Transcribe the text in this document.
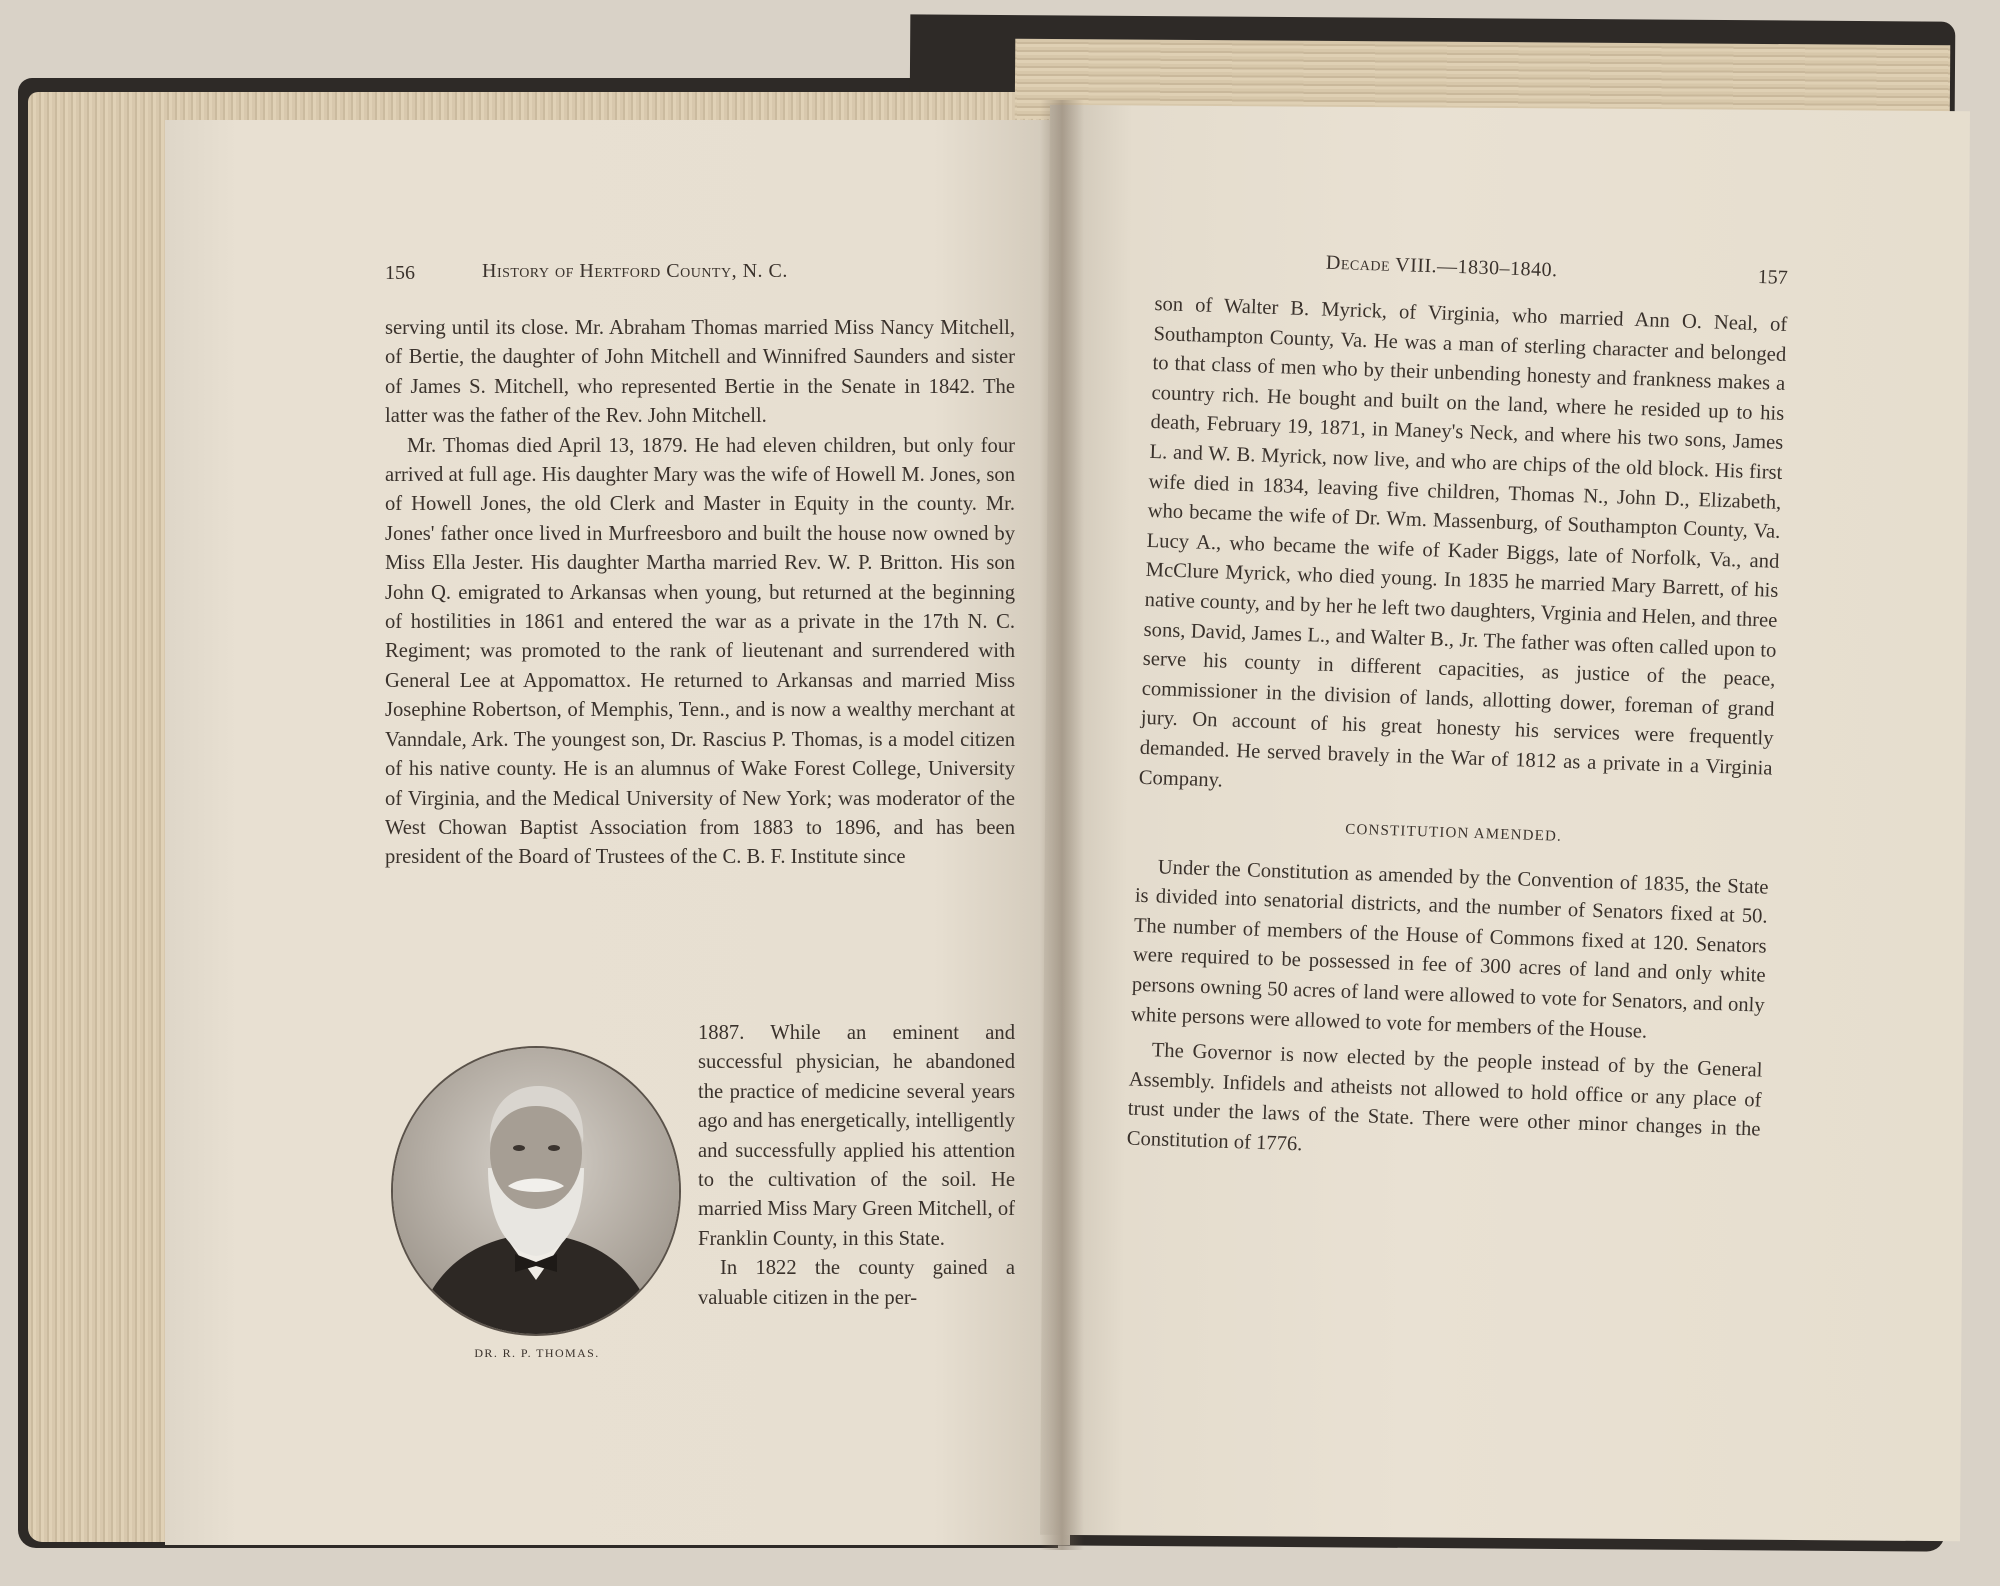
156	History of Hertford County, N. C.

serving until its close. Mr. Abraham Thomas married Miss Nancy Mitchell, of Bertie, the daughter of John Mitchell and Winnifred Saunders and sister of James S. Mitchell, who represented Bertie in the Senate in 1842. The latter was the father of the Rev. John Mitchell.

Mr. Thomas died April 13, 1879. He had eleven children, but only four arrived at full age. His daughter Mary was the wife of Howell M. Jones, son of Howell Jones, the old Clerk and Master in Equity in the county. Mr. Jones' father once lived in Murfreesboro and built the house now owned by Miss Ella Jester. His daughter Martha married Rev. W. P. Britton. His son John Q. emigrated to Arkansas when young, but returned at the beginning of hostilities in 1861 and entered the war as a private in the 17th N. C. Regiment; was promoted to the rank of lieutenant and surrendered with General Lee at Appomattox. He returned to Arkansas and married Miss Josephine Robertson, of Memphis, Tenn., and is now a wealthy merchant at Vanndale, Ark. The youngest son, Dr. Rascius P. Thomas, is a model citizen of his native county. He is an alumnus of Wake Forest College, University of Virginia, and the Medical University of New York; was moderator of the West Chowan Baptist Association from 1883 to 1896, and has been president of the Board of Trustees of the C. B. F. Institute since

DR. R. P. THOMAS.

1887. While an eminent and successful physician, he abandoned the practice of medicine several years ago and has energetically, intelligently and successfully applied his attention to the cultivation of the soil. He married Miss Mary Green Mitchell, of Franklin County, in this State.

In 1822 the county gained a valuable citizen in the per-

Decade VIII.—1830–1840.	157

son of Walter B. Myrick, of Virginia, who married Ann O. Neal, of Southampton County, Va. He was a man of sterling character and belonged to that class of men who by their unbending honesty and frankness makes a country rich. He bought and built on the land, where he resided up to his death, February 19, 1871, in Maney's Neck, and where his two sons, James L. and W. B. Myrick, now live, and who are chips of the old block. His first wife died in 1834, leaving five children, Thomas N., John D., Elizabeth, who became the wife of Dr. Wm. Massenburg, of Southampton County, Va. Lucy A., who became the wife of Kader Biggs, late of Norfolk, Va., and McClure Myrick, who died young. In 1835 he married Mary Barrett, of his native county, and by her he left two daughters, Vrginia and Helen, and three sons, David, James L., and Walter B., Jr. The father was often called upon to serve his county in different capacities, as justice of the peace, commissioner in the division of lands, allotting dower, foreman of grand jury. On account of his great honesty his services were frequently demanded. He served bravely in the War of 1812 as a private in a Virginia Company.

CONSTITUTION AMENDED.

Under the Constitution as amended by the Convention of 1835, the State is divided into senatorial districts, and the number of Senators fixed at 50. The number of members of the House of Commons fixed at 120. Senators were required to be possessed in fee of 300 acres of land and only white persons owning 50 acres of land were allowed to vote for Senators, and only white persons were allowed to vote for members of the House.

The Governor is now elected by the people instead of by the General Assembly. Infidels and atheists not allowed to hold office or any place of trust under the laws of the State. There were other minor changes in the Constitution of 1776.
